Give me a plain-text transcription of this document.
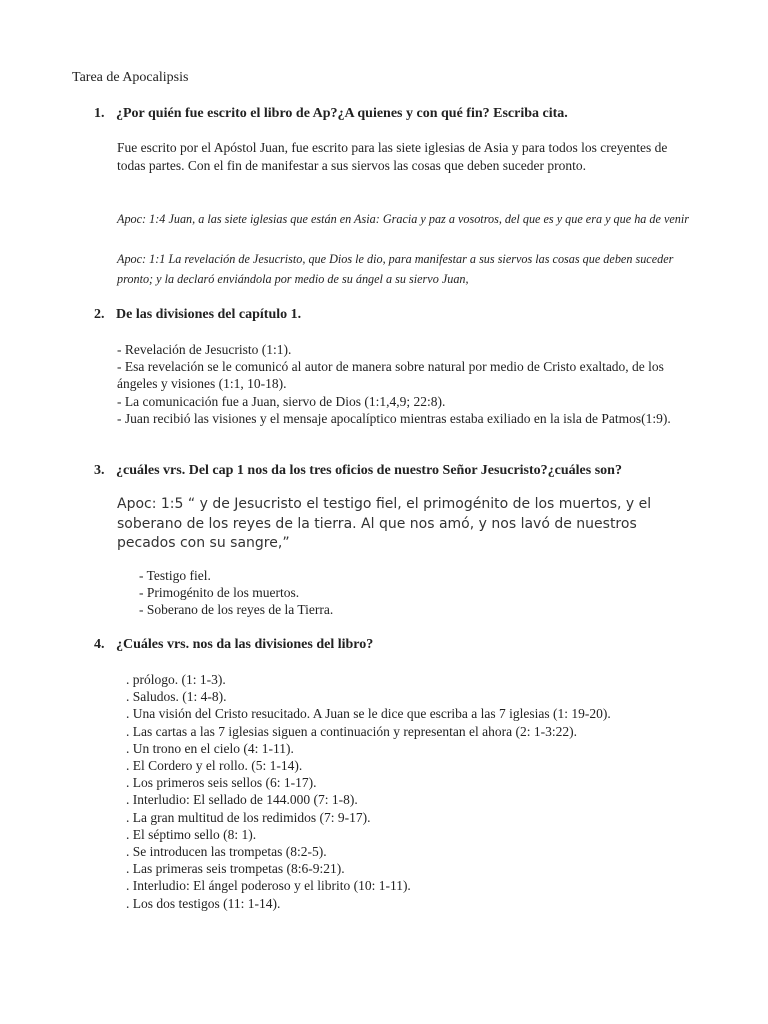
Tarea de Apocalipsis
1. ¿Por quién fue escrito el libro de Ap?¿A quienes y con qué fin? Escriba cita.
Fue escrito por el Apóstol Juan, fue escrito para las siete iglesias de Asia y para todos los creyentes de todas partes. Con el fin de manifestar a sus siervos las cosas que deben suceder pronto.
Apoc: 1:4 Juan, a las siete iglesias que están en Asia: Gracia y paz a vosotros, del que es y que era y que ha de venir
Apoc: 1:1 La revelación de Jesucristo, que Dios le dio, para manifestar a sus siervos las cosas que deben suceder pronto; y la declaró enviándola por medio de su ángel a su siervo Juan,
2. De las divisiones del capítulo 1.
- Revelación de Jesucristo (1:1).
- Esa revelación se le comunicó al autor de manera sobre natural por medio de Cristo exaltado, de los ángeles y visiones (1:1, 10-18).
- La comunicación fue a Juan, siervo de Dios (1:1,4,9; 22:8).
- Juan recibió las visiones y el mensaje apocalíptico mientras estaba exiliado en la isla de Patmos(1:9).
3. ¿cuáles vrs. Del cap 1 nos da los tres oficios de nuestro Señor Jesucristo?¿cuáles son?
Apoc: 1:5 “ y de Jesucristo el testigo fiel, el primogénito de los muertos, y el soberano de los reyes de la tierra. Al que nos amó, y nos lavó de nuestros pecados con su sangre,”
- Testigo fiel.
- Primogénito de los muertos.
- Soberano de los reyes de la Tierra.
4. ¿Cuáles vrs. nos da las divisiones del libro?
. prólogo. (1: 1-3).
. Saludos. (1: 4-8).
. Una visión del Cristo resucitado. A Juan se le dice que escriba a las 7 iglesias (1: 19-20).
. Las cartas a las 7 iglesias siguen a continuación y representan el ahora (2: 1-3:22).
. Un trono en el cielo (4: 1-11).
. El Cordero y el rollo. (5: 1-14).
. Los primeros seis sellos (6: 1-17).
. Interludio: El sellado de 144.000 (7: 1-8).
. La gran multitud de los redimidos (7: 9-17).
. El séptimo sello (8: 1).
. Se introducen las trompetas (8:2-5).
. Las primeras seis trompetas (8:6-9:21).
. Interludio: El ángel poderoso y el librito (10: 1-11).
. Los dos testigos (11: 1-14).
